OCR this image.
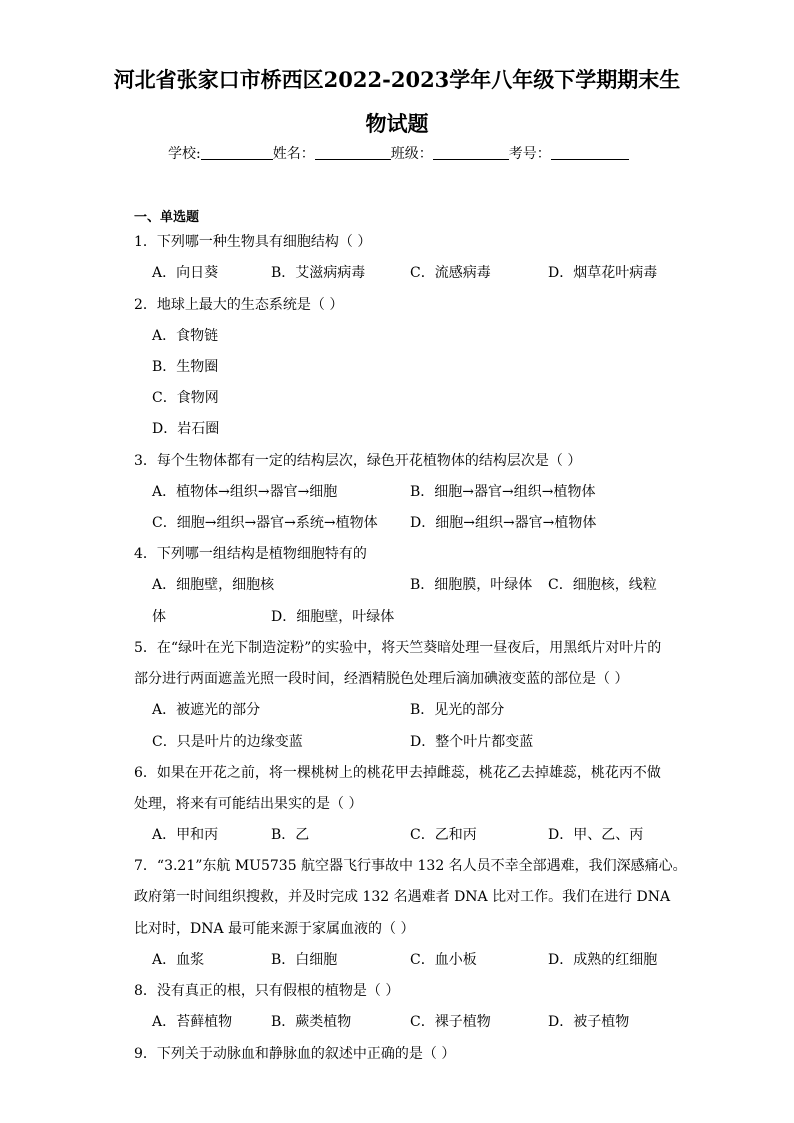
河北省张家口市桥西区2022-2023学年八年级下学期期末生
物试题
学校:	姓名：	班级：	考号：
一、单选题
1．下列哪一种生物具有细胞结构（ ）
A．向日葵	B．艾滋病病毒	C．流感病毒	D．烟草花叶病毒
2．地球上最大的生态系统是（ ）
A．食物链
B．生物圈
C．食物网
D．岩石圈
3．每个生物体都有一定的结构层次，绿色开花植物体的结构层次是（ ）
A．植物体→组织→器官→细胞	B．细胞→器官→组织→植物体
C．细胞→组织→器官→系统→植物体 D．细胞→组织→器官→植物体
4．下列哪一组结构是植物细胞特有的
A．细胞壁，细胞核	B．细胞膜，叶绿体 C．细胞核，线粒
体	D．细胞壁，叶绿体
5．在“绿叶在光下制造淀粉”的实验中，将天竺葵暗处理一昼夜后，用黑纸片对叶片的
部分进行两面遮盖光照一段时间，经酒精脱色处理后滴加碘液变蓝的部位是（ ）
A．被遮光的部分	B．见光的部分
C．只是叶片的边缘变蓝	D．整个叶片都变蓝
6．如果在开花之前，将一棵桃树上的桃花甲去掉雌蕊，桃花乙去掉雄蕊，桃花丙不做
处理，将来有可能结出果实的是（ ）
A．甲和丙	B．乙	C．乙和丙	D．甲、乙、丙
7．“3.21”东航 MU5735 航空器飞行事故中 132 名人员不幸全部遇难，我们深感痛心。
政府第一时间组织搜救，并及时完成 132 名遇难者 DNA 比对工作。我们在进行 DNA
比对时，DNA 最可能来源于家属血液的（ ）
A．血浆	B．白细胞	C．血小板	D．成熟的红细胞
8．没有真正的根，只有假根的植物是（ ）
A．苔藓植物	B．蕨类植物	C．裸子植物	D．被子植物
9．下列关于动脉血和静脉血的叙述中正确的是（ ）
